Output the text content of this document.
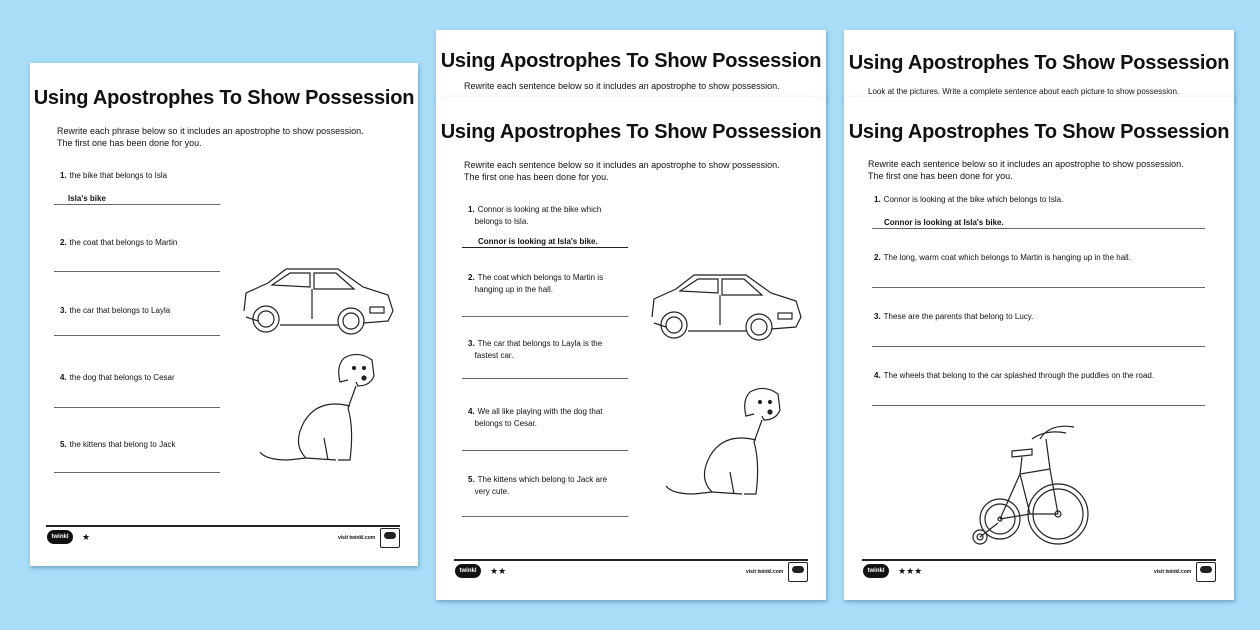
Using Apostrophes To Show Possession
Rewrite each phrase below so it includes an apostrophe to show possession.
The first one has been done for you.
1. the bike that belongs to Isla
Isla's bike
2. the coat that belongs to Martin
3. the car that belongs to Layla
4. the dog that belongs to Cesar
5. the kittens that belong to Jack
twinkl	★	visit twinkl.com
Using Apostrophes To Show Possession
Rewrite each sentence below so it includes an apostrophe to show possession.
Using Apostrophes To Show Possession
Rewrite each sentence below so it includes an apostrophe to show possession.
The first one has been done for you.
1. Connor is looking at the bike which
belongs to Isla.
Connor is looking at Isla's bike.
2. The coat which belongs to Martin is
hanging up in the hall.
3. The car that belongs to Layla is the
fastest car.
4. We all like playing with the dog that
belongs to Cesar.
5. The kittens which belong to Jack are
very cute.
twinkl	★★	visit twinkl.com
Using Apostrophes To Show Possession
Look at the pictures. Write a complete sentence about each picture to show possession.
Using Apostrophes To Show Possession
Rewrite each sentence below so it includes an apostrophe to show possession.
The first one has been done for you.
1. Connor is looking at the bike which belongs to Isla.
Connor is looking at Isla's bike.
2. The long, warm coat which belongs to Martin is hanging up in the hall.
3. These are the parents that belong to Lucy.
4. The wheels that belong to the car splashed through the puddles on the road.
twinkl	★★★	visit twinkl.com
